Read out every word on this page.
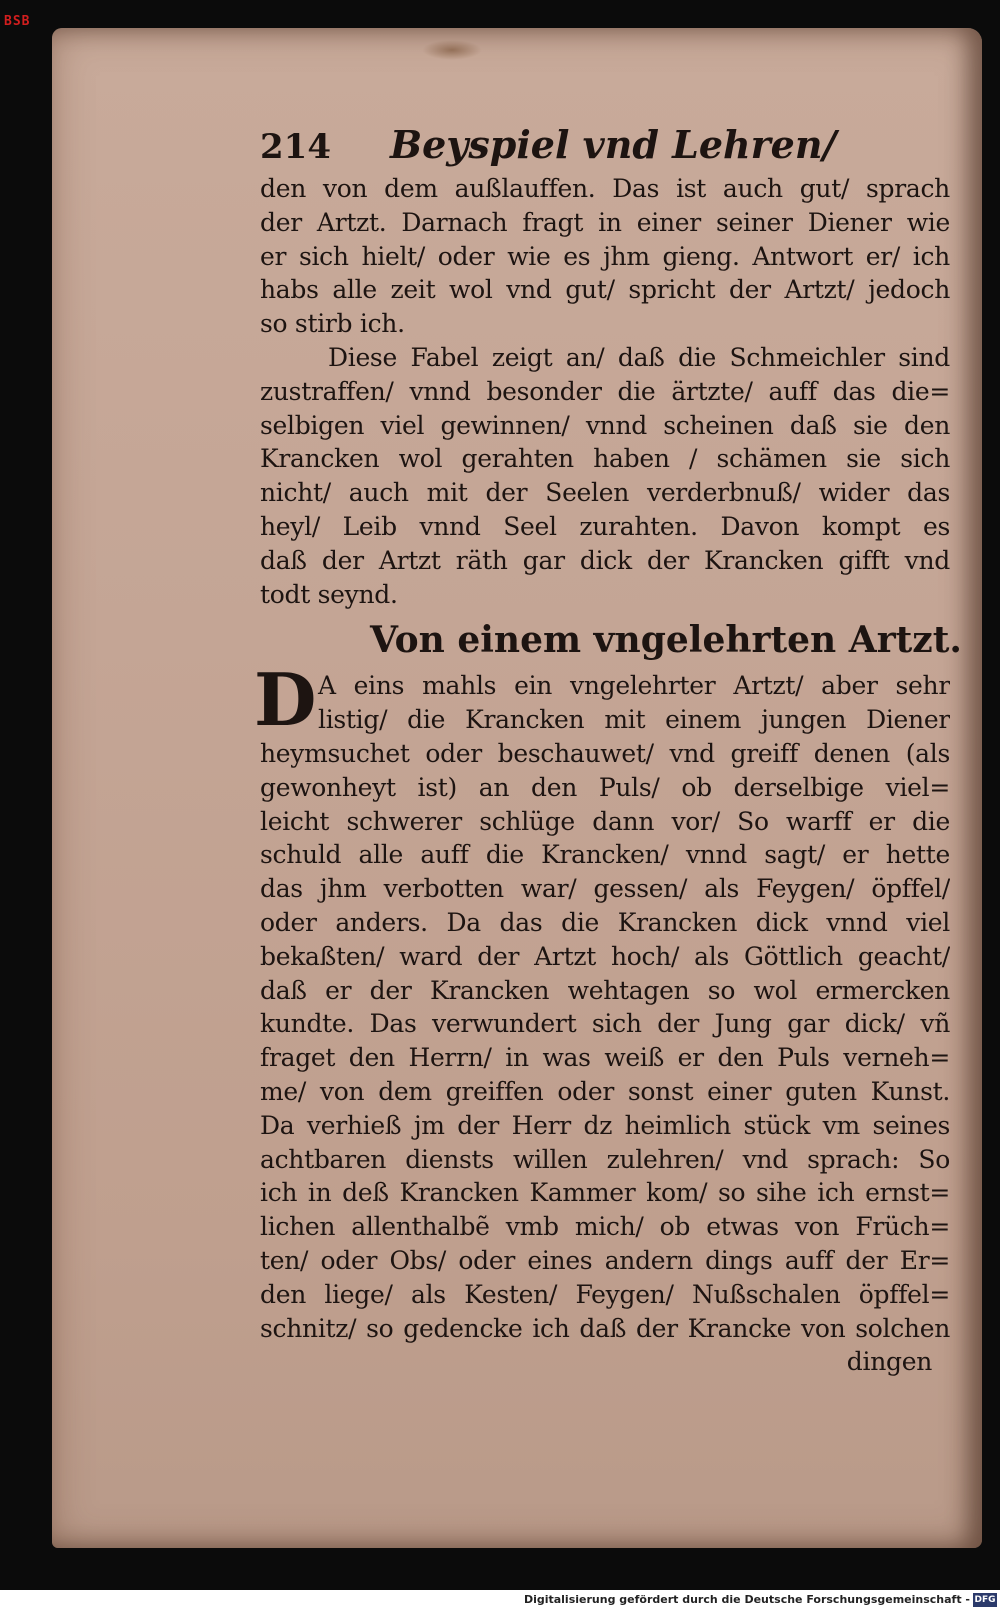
BSB
214	Beyspiel vnd Lehren/
den von dem außlauffen. Das ist auch gut/ sprach
der Artzt. Darnach fragt in einer seiner Diener wie
er sich hielt/ oder wie es jhm gieng. Antwort er/ ich
habs alle zeit wol vnd gut/ spricht der Artzt/ jedoch
so stirb ich.
Diese Fabel zeigt an/ daß die Schmeichler sind
zustraffen/ vnnd besonder die ärtzte/ auff das die=
selbigen viel gewinnen/ vnnd scheinen daß sie den
Krancken wol gerahten haben / schämen sie sich
nicht/ auch mit der Seelen verderbnuß/ wider das
heyl/ Leib vnnd Seel zurahten. Davon kompt es
daß der Artzt räth gar dick der Krancken gifft vnd
todt seynd.
Von einem vngelehrten Artzt.
D A eins mahls ein vngelehrter Artzt/ aber sehr
listig/ die Krancken mit einem jungen Diener
heymsuchet oder beschauwet/ vnd greiff denen (als
gewonheyt ist) an den Puls/ ob derselbige viel=
leicht schwerer schlüge dann vor/ So warff er die
schuld alle auff die Krancken/ vnnd sagt/ er hette
das jhm verbotten war/ gessen/ als Feygen/ öpffel/
oder anders. Da das die Krancken dick vnnd viel
bekaßten/ ward der Artzt hoch/ als Göttlich geacht/
daß er der Krancken wehtagen so wol ermercken
kundte. Das verwundert sich der Jung gar dick/ vñ
fraget den Herrn/ in was weiß er den Puls verneh=
me/ von dem greiffen oder sonst einer guten Kunst.
Da verhieß jm der Herr dz heimlich stück vm seines
achtbaren diensts willen zulehren/ vnd sprach: So
ich in deß Krancken Kammer kom/ so sihe ich ernst=
lichen allenthalbẽ vmb mich/ ob etwas von Früch=
ten/ oder Obs/ oder eines andern dings auff der Er=
den liege/ als Kesten/ Feygen/ Nußschalen öpffel=
schnitz/ so gedencke ich daß der Krancke von solchen
dingen
Digitalisierung gefördert durch die Deutsche Forschungsgemeinschaft - DFG
